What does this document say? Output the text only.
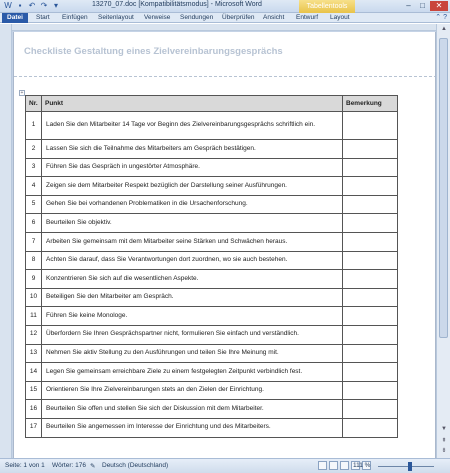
W ▪ ↶ ↷ ▾	13270_07.doc [Kompatibilitätsmodus] - Microsoft Word	Tabellentools	–	□	✕
Datei	Start Einfügen Seitenlayout Verweise Sendungen Überprüfen Ansicht Entwurf Layout	⌃ ?
Checkliste Gestaltung eines Zielvereinbarungsgesprächs
+
Nr.	Punkt	Bemerkung
1	Laden Sie den Mitarbeiter 14 Tage vor Beginn des Zielvereinbarungsgesprächs schriftlich ein.	
2	Lassen Sie sich die Teilnahme des Mitarbeiters am Gespräch bestätigen.	
3	Führen Sie das Gespräch in ungestörter Atmosphäre.	
4	Zeigen sie dem Mitarbeiter Respekt bezüglich der Darstellung seiner Ausführungen.	
5	Gehen Sie bei vorhandenen Problematiken in die Ursachenforschung.	
6	Beurteilen Sie objektiv.	
7	Arbeiten Sie gemeinsam mit dem Mitarbeiter seine Stärken und Schwächen heraus.	
8	Achten Sie darauf, dass Sie Verantwortungen dort zuordnen, wo sie auch bestehen.	
9	Konzentrieren Sie sich auf die wesentlichen Aspekte.	
10	Beteiligen Sie den Mitarbeiter am Gespräch.	
11	Führen Sie keine Monologe.	
12	Überfordern Sie Ihren Gesprächspartner nicht, formulieren Sie einfach und verständlich.	
13	Nehmen Sie aktiv Stellung zu den Ausführungen und teilen Sie Ihre Meinung mit.	
14	Legen Sie gemeinsam erreichbare Ziele zu einem festgelegten Zeitpunkt verbindlich fest.	
15	Orientieren Sie Ihre Zielvereinbarungen stets an den Zielen der Einrichtung.	
16	Beurteilen Sie offen und stellen Sie sich der Diskussion mit dem Mitarbeiter.	
17	Beurteilen Sie angemessen im Interesse der Einrichtung und des Mitarbeiters.	
▲
▼
⇞
⇟
Seite: 1 von 1 Wörter: 176 ✎ Deutsch (Deutschland)	111 %
